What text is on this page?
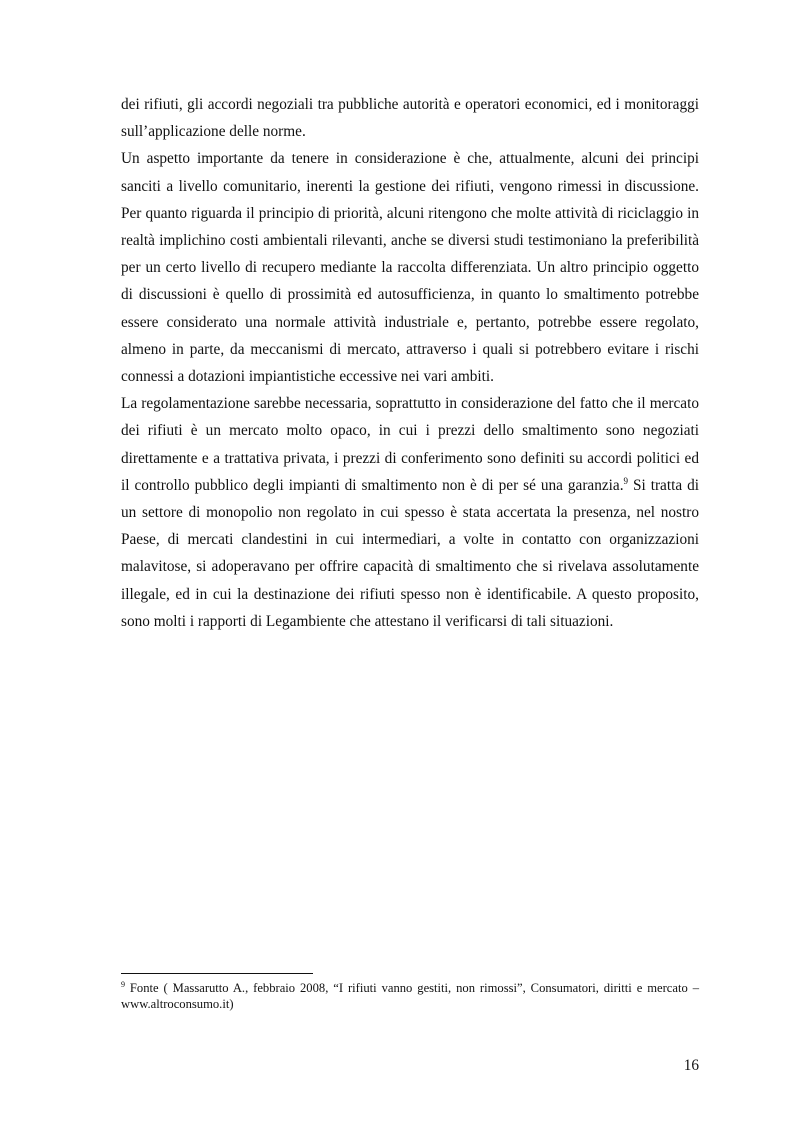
dei rifiuti, gli accordi negoziali tra pubbliche autorità e operatori economici, ed i monitoraggi sull’applicazione delle norme.

Un aspetto importante da tenere in considerazione è che, attualmente, alcuni dei principi sanciti a livello comunitario, inerenti la gestione dei rifiuti, vengono rimessi in discussione. Per quanto riguarda il principio di priorità, alcuni ritengono che molte attività di riciclaggio in realtà implichino costi ambientali rilevanti, anche se diversi studi testimoniano la preferibilità per un certo livello di recupero mediante la raccolta differenziata. Un altro principio oggetto di discussioni è quello di prossimità ed autosufficienza, in quanto lo smaltimento potrebbe essere considerato una normale attività industriale e, pertanto, potrebbe essere regolato, almeno in parte, da meccanismi di mercato, attraverso i quali si potrebbero evitare i rischi connessi a dotazioni impiantistiche eccessive nei vari ambiti.

La regolamentazione sarebbe necessaria, soprattutto in considerazione del fatto che il mercato dei rifiuti è un mercato molto opaco, in cui i prezzi dello smaltimento sono negoziati direttamente e a trattativa privata, i prezzi di conferimento sono definiti su accordi politici ed il controllo pubblico degli impianti di smaltimento non è di per sé una garanzia.$^9$ Si tratta di un settore di monopolio non regolato in cui spesso è stata accertata la presenza, nel nostro Paese, di mercati clandestini in cui intermediari, a volte in contatto con organizzazioni malavitose, si adoperavano per offrire capacità di smaltimento che si rivelava assolutamente illegale, ed in cui la destinazione dei rifiuti spesso non è identificabile. A questo proposito, sono molti i rapporti di Legambiente che attestano il verificarsi di tali situazioni.

$^9$ Fonte ( Massarutto A., febbraio 2008, “I rifiuti vanno gestiti, non rimossi”, Consumatori, diritti e mercato – www.altroconsumo.it)
16
